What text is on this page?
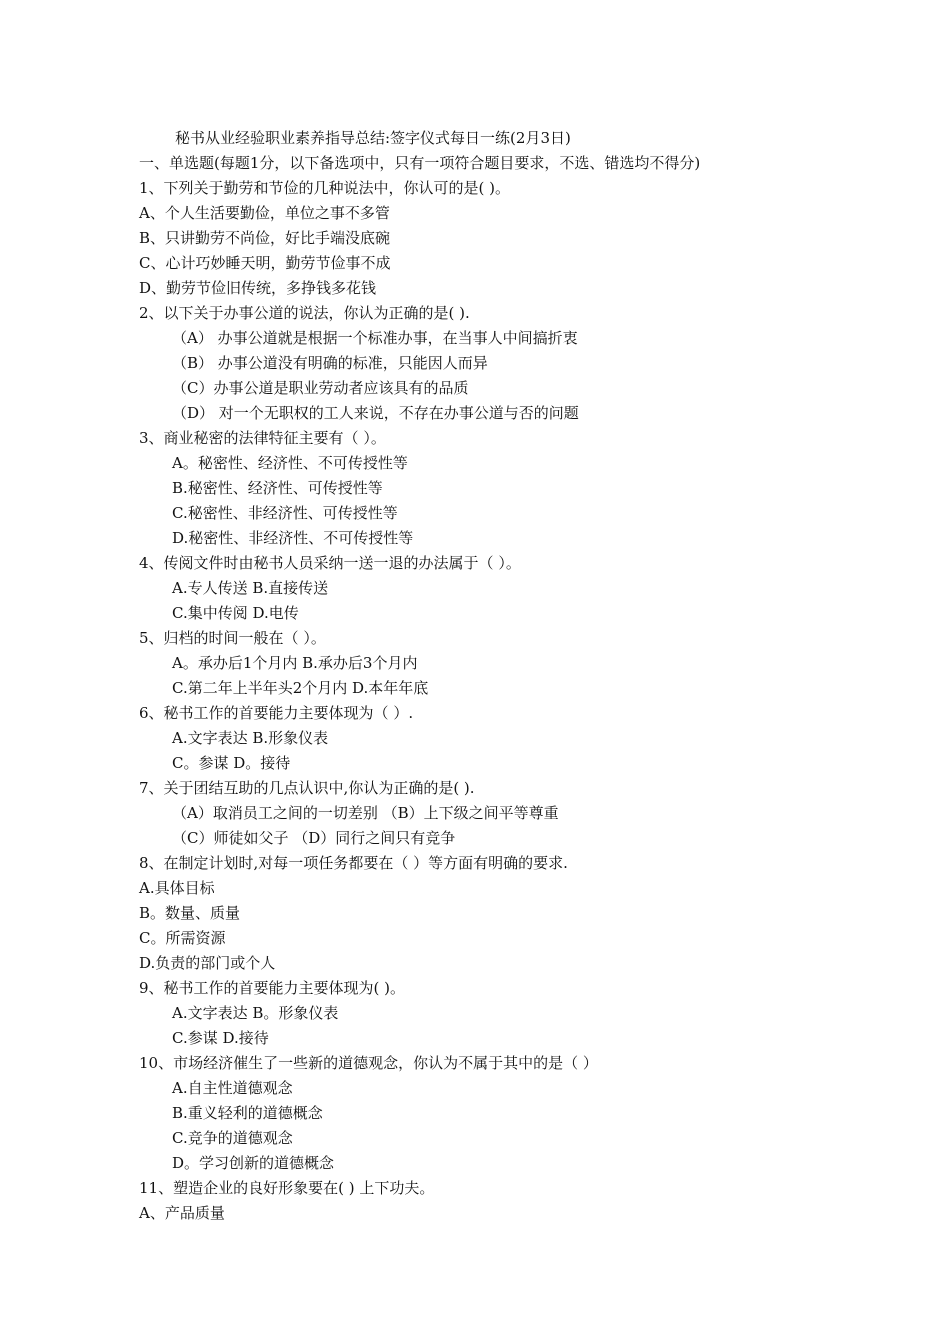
秘书从业经验职业素养指导总结:签字仪式每日一练(2月3日)
一、单选题(每题1分，以下备选项中，只有一项符合题目要求，不选、错选均不得分)
1、下列关于勤劳和节俭的几种说法中，你认可的是( )。
A、个人生活要勤俭，单位之事不多管
B、只讲勤劳不尚俭，好比手端没底碗
C、心计巧妙睡天明，勤劳节俭事不成
D、勤劳节俭旧传统，多挣钱多花钱
2、以下关于办事公道的说法，你认为正确的是( ).
（A） 办事公道就是根据一个标准办事，在当事人中间搞折衷
（B） 办事公道没有明确的标准，只能因人而异
（C）办事公道是职业劳动者应该具有的品质
（D） 对一个无职权的工人来说，不存在办事公道与否的问题
3、商业秘密的法律特征主要有（ ）。
A。秘密性、经济性、不可传授性等
B.秘密性、经济性、可传授性等
C.秘密性、非经济性、可传授性等
D.秘密性、非经济性、不可传授性等
4、传阅文件时由秘书人员采纳一送一退的办法属于（ ）。
A.专人传送 B.直接传送
C.集中传阅 D.电传
5、归档的时间一般在（ ）。
A。承办后1个月内 B.承办后3个月内
C.第二年上半年头2个月内 D.本年年底
6、秘书工作的首要能力主要体现为（ ）.
A.文字表达 B.形象仪表
C。参谋 D。接待
7、关于团结互助的几点认识中,你认为正确的是( ).
（A）取消员工之间的一切差别 （B）上下级之间平等尊重
（C）师徒如父子 （D）同行之间只有竞争
8、在制定计划时,对每一项任务都要在（ ）等方面有明确的要求.
A.具体目标
B。数量、质量
C。所需资源
D.负责的部门或个人
9、秘书工作的首要能力主要体现为( )。
A.文字表达 B。形象仪表
C.参谋 D.接待
10、市场经济催生了一些新的道德观念，你认为不属于其中的是（ ）
A.自主性道德观念
B.重义轻利的道德概念
C.竞争的道德观念
D。学习创新的道德概念
11、塑造企业的良好形象要在( ) 上下功夫。
A、产品质量
